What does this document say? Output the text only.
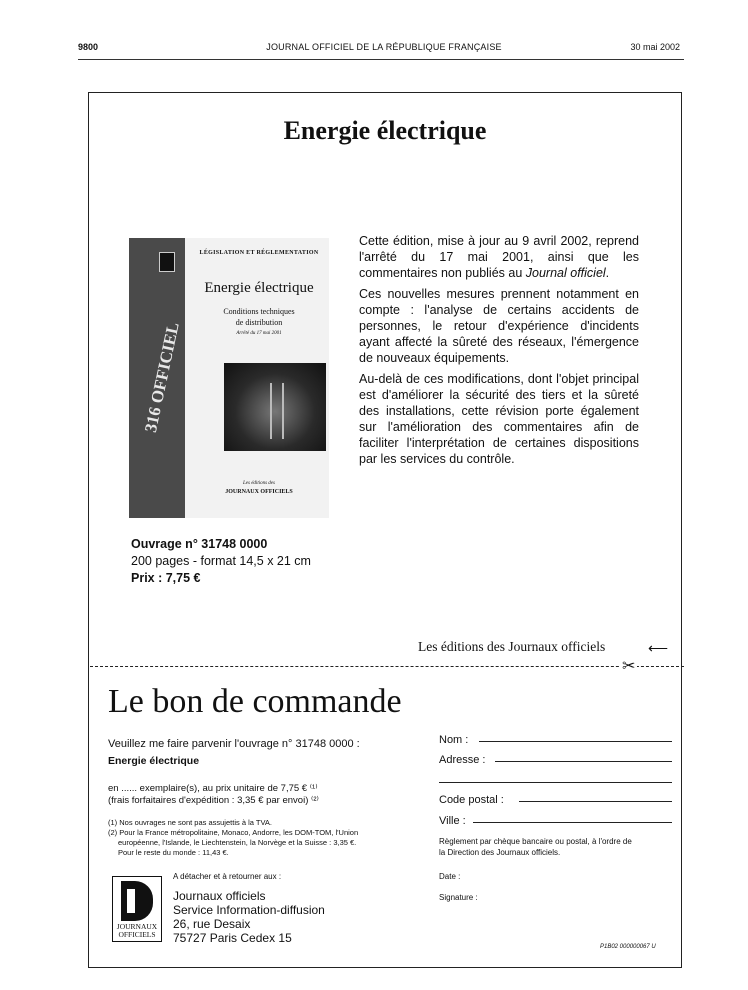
9800	JOURNAL OFFICIEL DE LA RÉPUBLIQUE FRANÇAISE	30 mai 2002
Energie électrique
316 OFFICIEL
LÉGISLATION ET RÉGLEMENTATION
Energie électrique
Conditions techniques
de distribution
Arrêté du 17 mai 2001
Les éditions des
JOURNAUX OFFICIELS

Cette édition, mise à jour au 9 avril 2002, reprend l'arrêté du 17 mai 2001, ainsi que les commentaires non publiés au Journal officiel.

Ces nouvelles mesures prennent notamment en compte : l'analyse de certains accidents de personnes, le retour d'expérience d'incidents ayant affecté la sûreté des réseaux, l'émergence de nouveaux équipements.

Au-delà de ces modifications, dont l'objet principal est d'améliorer la sécurité des tiers et la sûreté des installations, cette révision porte également sur l'amélioration des commentaires afin de faciliter l'interprétation de certaines dispositions par les services du contrôle.

Ouvrage n° 31748 0000
200 pages - format 14,5 x 21 cm
Prix : 7,75 €
Les éditions des Journaux officiels	⟵
✂
Le bon de commande
Veuillez me faire parvenir l'ouvrage n° 31748 0000 :
Energie électrique
en ...... exemplaire(s), au prix unitaire de 7,75 € ⁽¹⁾
(frais forfaitaires d'expédition : 3,35 € par envoi) ⁽²⁾
(1) Nos ouvrages ne sont pas assujettis à la TVA.
(2) Pour la France métropolitaine, Monaco, Andorre, les DOM-TOM, l'Union
européenne, l'Islande, le Liechtenstein, la Norvège et la Suisse : 3,35 €.
Pour le reste du monde : 11,43 €.
A détacher et à retourner aux :
JOURNAUX
OFFICIELS
Journaux officiels
Service Information-diffusion
26, rue Desaix
75727 Paris Cedex 15
Nom :
Adresse :
Code postal :
Ville :
Règlement par chèque bancaire ou postal, à l'ordre de
la Direction des Journaux officiels.
Date :
Signature :
P1B02 000000067 U
